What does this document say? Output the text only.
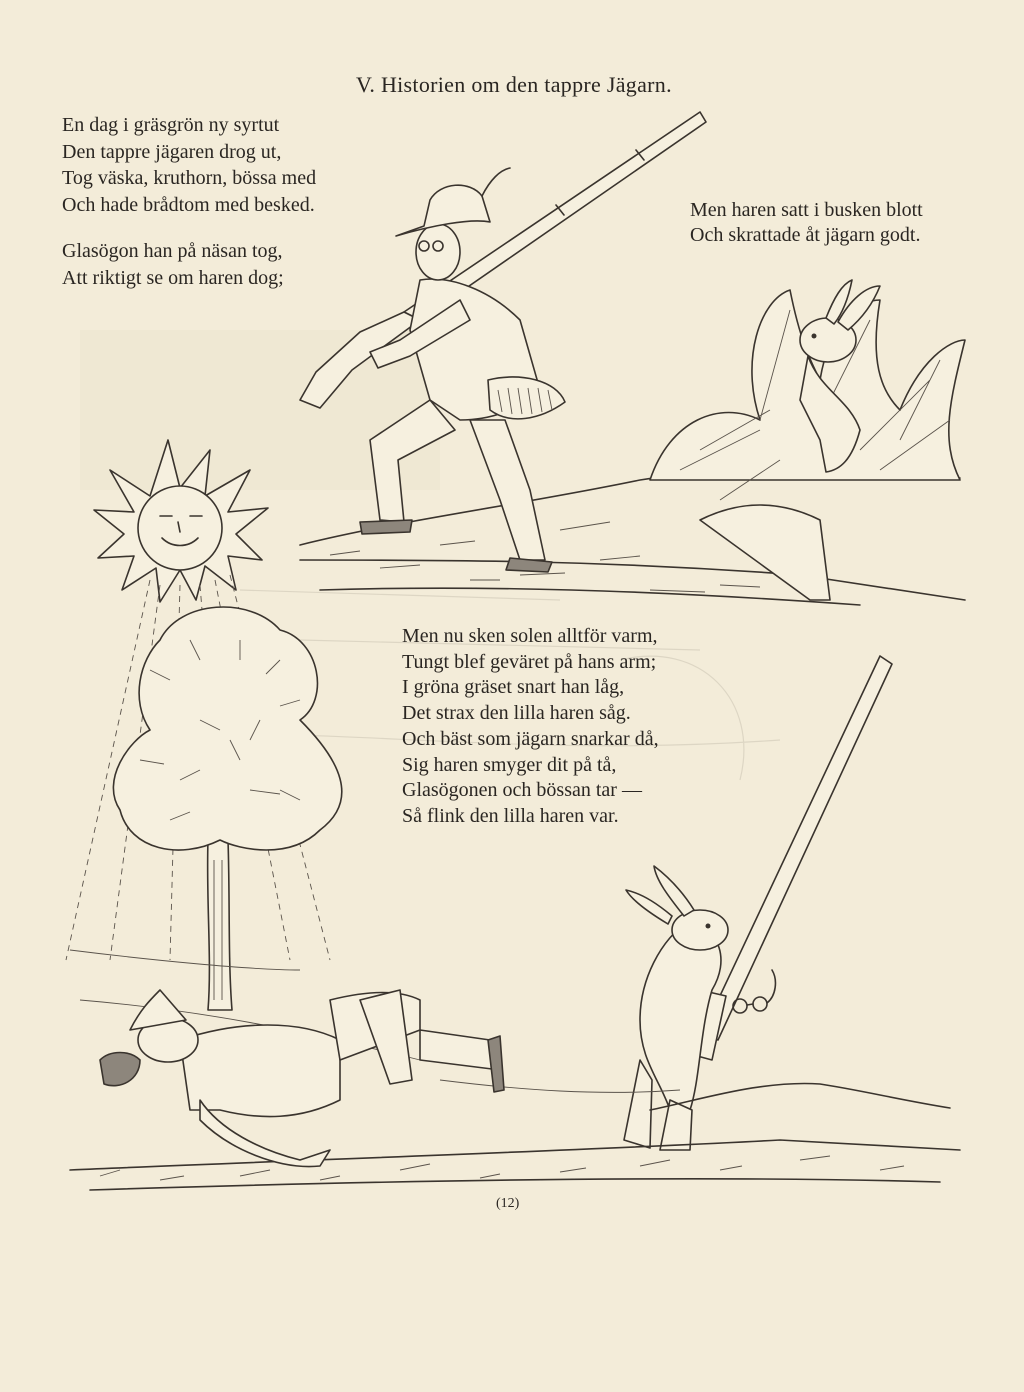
V. Historien om den tappre Jägarn.
En dag i gräsgrön ny syrtut
Den tappre jägaren drog ut,
Tog väska, kruthorn, bössa med
Och hade brådtom med besked.
Glasögon han på näsan tog,
Att riktigt se om haren dog;
Men haren satt i busken blott
Och skrattade åt jägarn godt.
Men nu sken solen alltför varm,
Tungt blef geväret på hans arm;
I gröna gräset snart han låg,
Det strax den lilla haren såg.
Och bäst som jägarn snarkar då,
Sig haren smyger dit på tå,
Glasögonen och bössan tar —
Så flink den lilla haren var.
(12)
